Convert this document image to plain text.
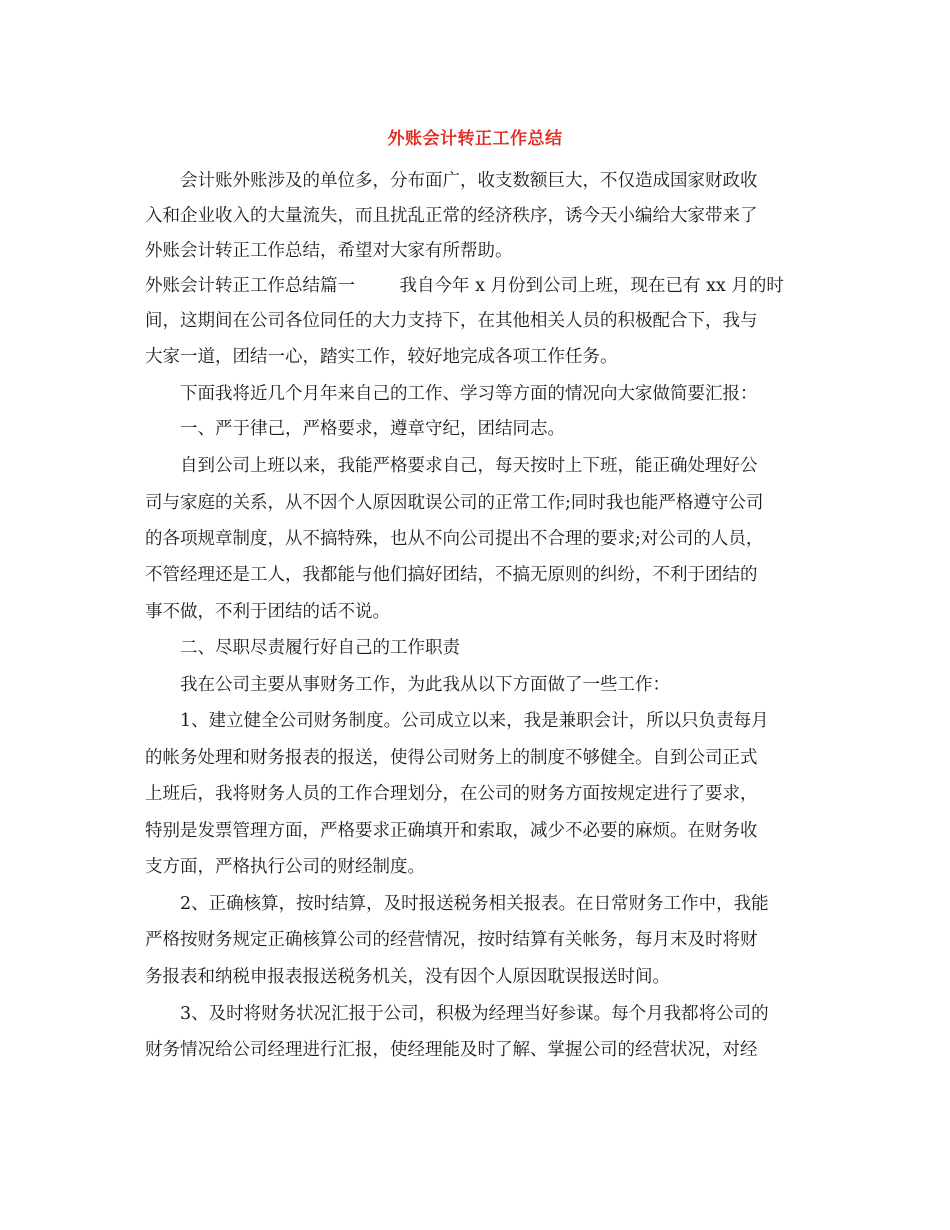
外账会计转正工作总结
会计账外账涉及的单位多，分布面广，收支数额巨大，不仅造成国家财政收
入和企业收入的大量流失，而且扰乱正常的经济秩序，诱今天小编给大家带来了
外账会计转正工作总结，希望对大家有所帮助。
外账会计转正工作总结篇一        我自今年 x 月份到公司上班，现在已有 xx 月的时
间，这期间在公司各位同任的大力支持下，在其他相关人员的积极配合下，我与
大家一道，团结一心，踏实工作，较好地完成各项工作任务。
下面我将近几个月年来自己的工作、学习等方面的情况向大家做简要汇报：
一、严于律己，严格要求，遵章守纪，团结同志。
自到公司上班以来，我能严格要求自己，每天按时上下班，能正确处理好公
司与家庭的关系，从不因个人原因耽误公司的正常工作;同时我也能严格遵守公司
的各项规章制度，从不搞特殊，也从不向公司提出不合理的要求;对公司的人员，
不管经理还是工人，我都能与他们搞好团结，不搞无原则的纠纷，不利于团结的
事不做，不利于团结的话不说。
二、尽职尽责履行好自己的工作职责
我在公司主要从事财务工作，为此我从以下方面做了一些工作：
1、建立健全公司财务制度。公司成立以来，我是兼职会计，所以只负责每月
的帐务处理和财务报表的报送，使得公司财务上的制度不够健全。自到公司正式
上班后，我将财务人员的工作合理划分，在公司的财务方面按规定进行了要求，
特别是发票管理方面，严格要求正确填开和索取，减少不必要的麻烦。在财务收
支方面，严格执行公司的财经制度。
2、正确核算，按时结算，及时报送税务相关报表。在日常财务工作中，我能
严格按财务规定正确核算公司的经营情况，按时结算有关帐务，每月末及时将财
务报表和纳税申报表报送税务机关，没有因个人原因耽误报送时间。
3、及时将财务状况汇报于公司，积极为经理当好参谋。每个月我都将公司的
财务情况给公司经理进行汇报，使经理能及时了解、掌握公司的经营状况，对经
